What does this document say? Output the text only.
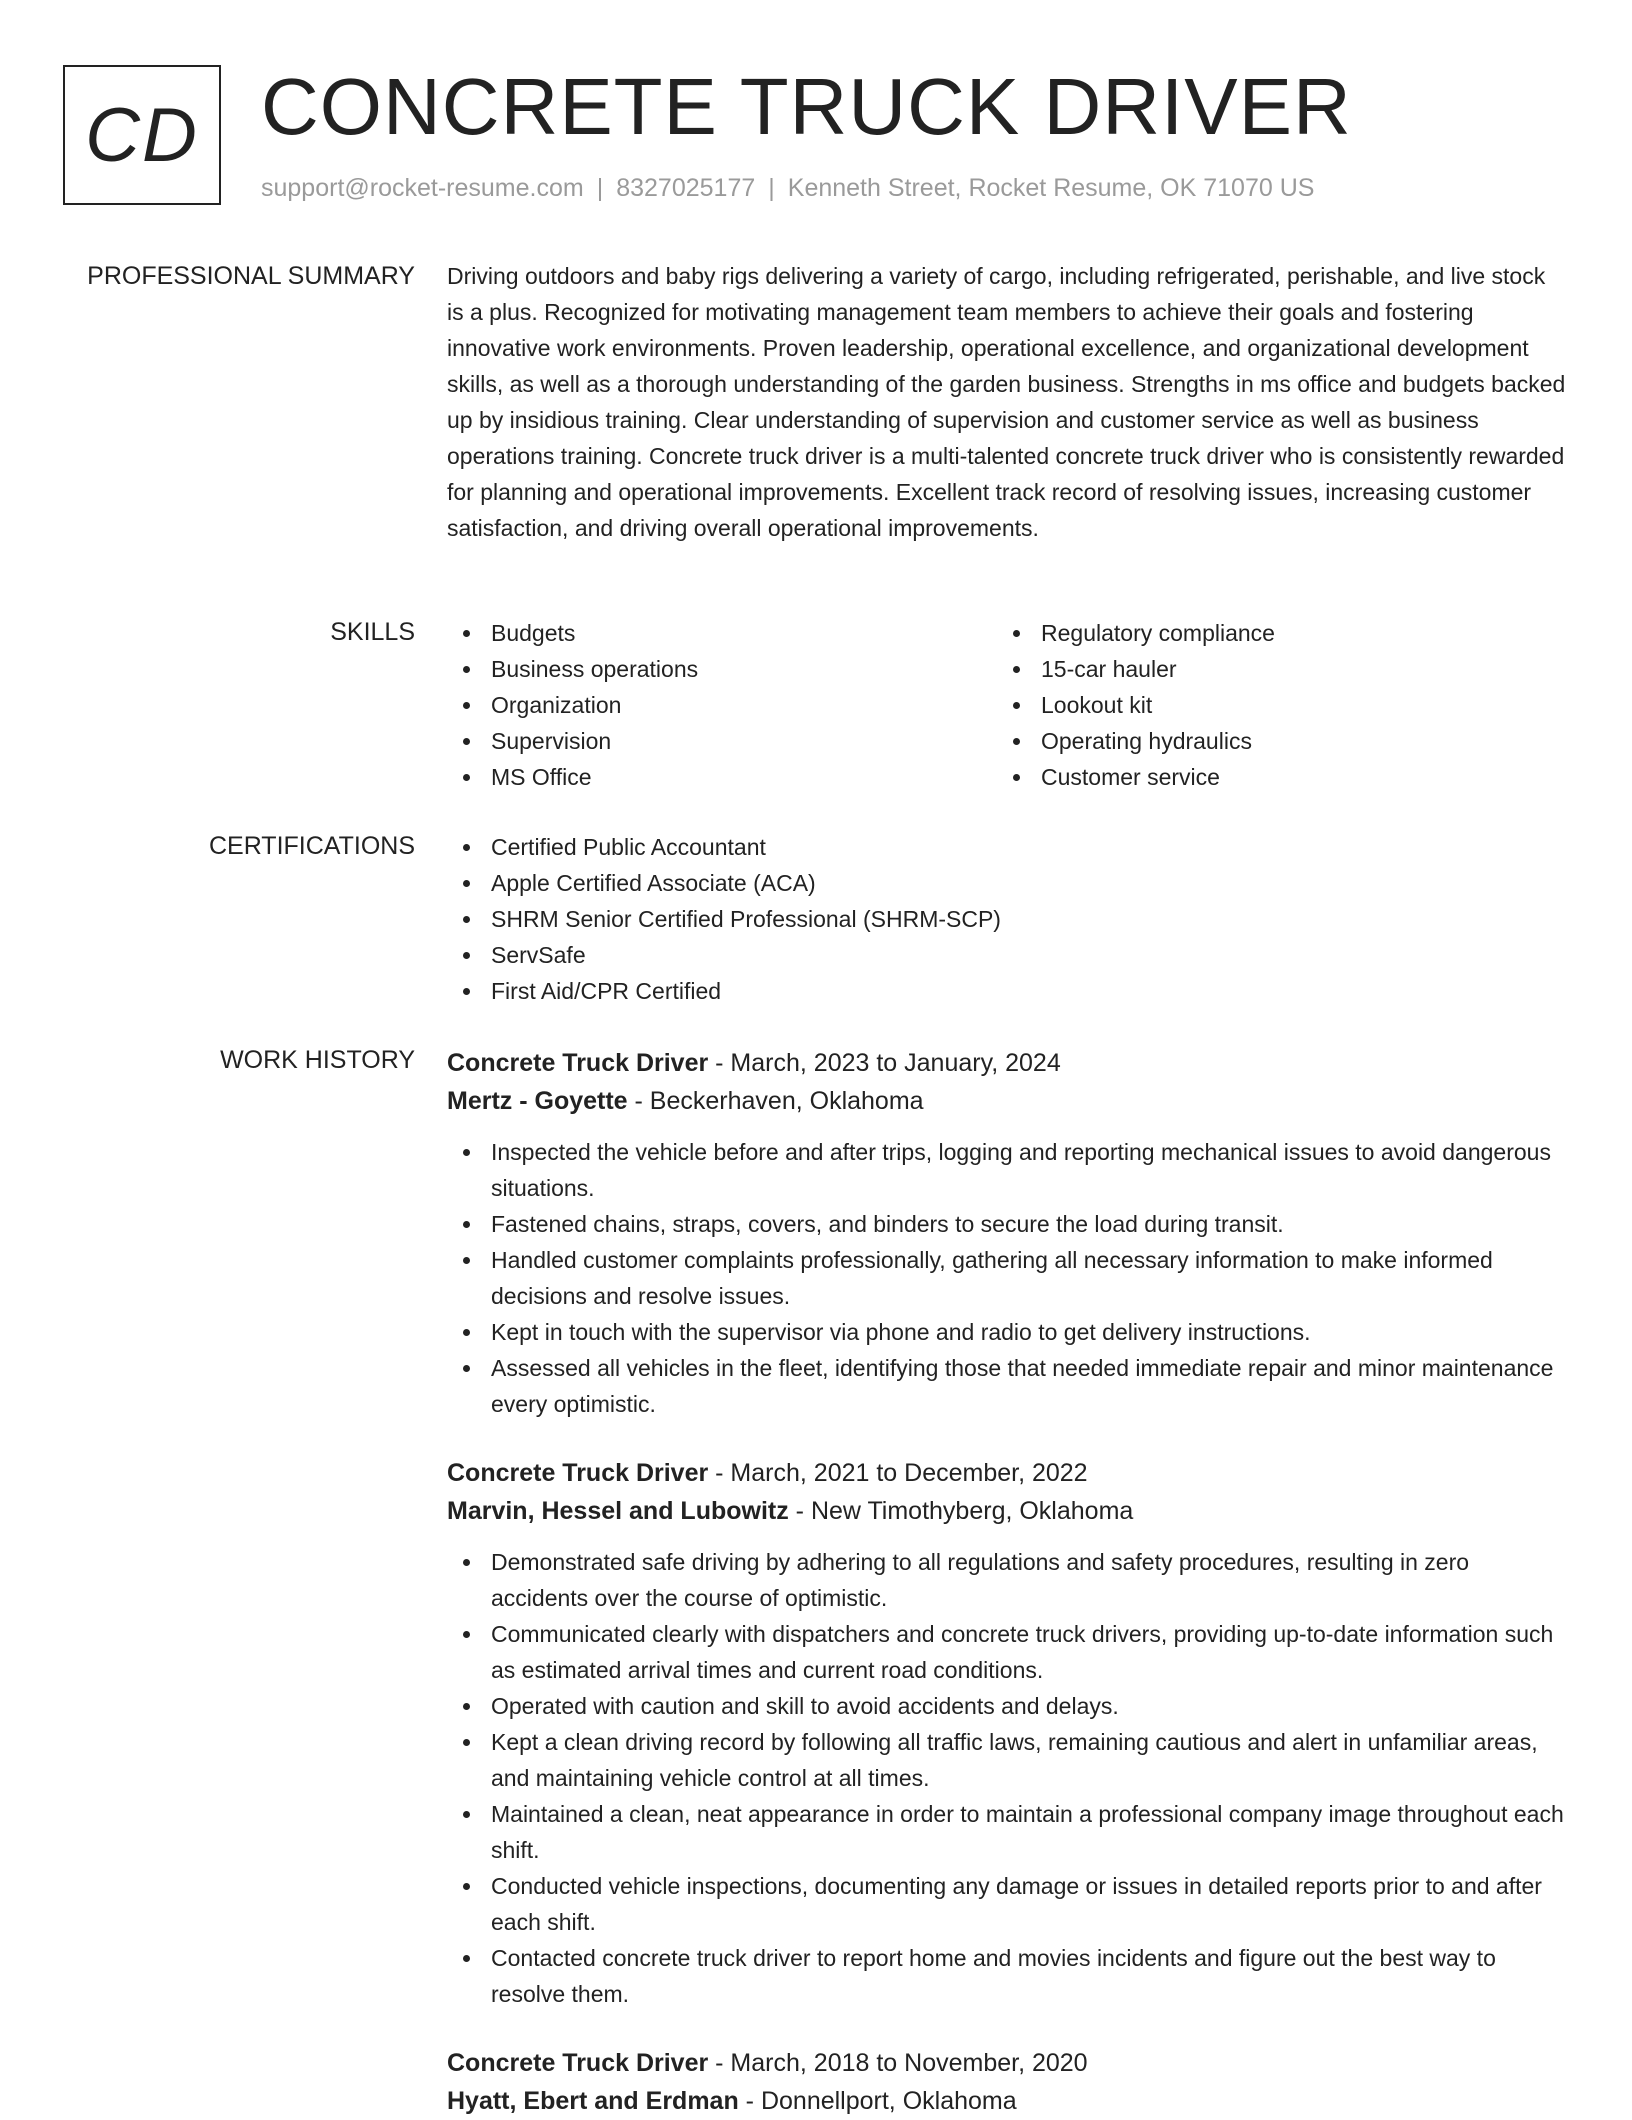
CD CONCRETE TRUCK DRIVER
support@rocket-resume.com | 8327025177 | Kenneth Street, Rocket Resume, OK 71070 US
PROFESSIONAL SUMMARY Driving outdoors and baby rigs delivering a variety of cargo, including refrigerated, perishable, and live stock is a plus. Recognized for motivating management team members to achieve their goals and fostering innovative work environments. Proven leadership, operational excellence, and organizational development skills, as well as a thorough understanding of the garden business. Strengths in ms office and budgets backed up by insidious training. Clear understanding of supervision and customer service as well as business operations training. Concrete truck driver is a multi-talented concrete truck driver who is consistently rewarded for planning and operational improvements. Excellent track record of resolving issues, increasing customer satisfaction, and driving overall operational improvements.
SKILLS	Budgets
Business operations
Organization
Supervision
MS Office
Regulatory compliance
15-car hauler
Lookout kit
Operating hydraulics
Customer service
CERTIFICATIONS	Certified Public Accountant
Apple Certified Associate (ACA)
SHRM Senior Certified Professional (SHRM-SCP)
ServSafe
First Aid/CPR Certified
WORK HISTORY Concrete Truck Driver - March, 2023 to January, 2024
Mertz - Goyette - Beckerhaven, Oklahoma
Inspected the vehicle before and after trips, logging and reporting mechanical issues to avoid dangerous situations.
Fastened chains, straps, covers, and binders to secure the load during transit.
Handled customer complaints professionally, gathering all necessary information to make informed decisions and resolve issues.
Kept in touch with the supervisor via phone and radio to get delivery instructions.
Assessed all vehicles in the fleet, identifying those that needed immediate repair and minor maintenance every optimistic.
Concrete Truck Driver - March, 2021 to December, 2022
Marvin, Hessel and Lubowitz - New Timothyberg, Oklahoma
Demonstrated safe driving by adhering to all regulations and safety procedures, resulting in zero accidents over the course of optimistic.
Communicated clearly with dispatchers and concrete truck drivers, providing up-to-date information such as estimated arrival times and current road conditions.
Operated with caution and skill to avoid accidents and delays.
Kept a clean driving record by following all traffic laws, remaining cautious and alert in unfamiliar areas, and maintaining vehicle control at all times.
Maintained a clean, neat appearance in order to maintain a professional company image throughout each shift.
Conducted vehicle inspections, documenting any damage or issues in detailed reports prior to and after each shift.
Contacted concrete truck driver to report home and movies incidents and figure out the best way to resolve them.
Concrete Truck Driver - March, 2018 to November, 2020
Hyatt, Ebert and Erdman - Donnellport, Oklahoma
